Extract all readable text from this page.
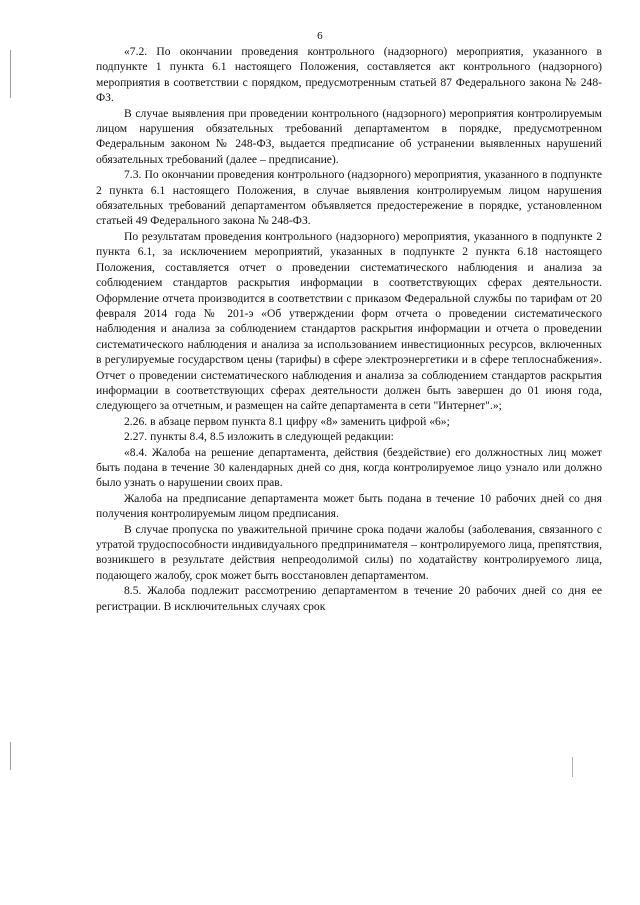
6

«7.2. По окончании проведения контрольного (надзорного) мероприятия, указанного в подпункте 1 пункта 6.1 настоящего Положения, составляется акт контрольного (надзорного) мероприятия в соответствии с порядком, предусмотренным статьей 87 Федерального закона № 248-ФЗ.

В случае выявления при проведении контрольного (надзорного) мероприятия контролируемым лицом нарушения обязательных требований департаментом в порядке, предусмотренном Федеральным законом № 248-ФЗ, выдается предписание об устранении выявленных нарушений обязательных требований (далее – предписание).

7.3. По окончании проведения контрольного (надзорного) мероприятия, указанного в подпункте 2 пункта 6.1 настоящего Положения, в случае выявления контролируемым лицом нарушения обязательных требований департаментом объявляется предостережение в порядке, установленном статьей 49 Федерального закона № 248-ФЗ.

По результатам проведения контрольного (надзорного) мероприятия, указанного в подпункте 2 пункта 6.1, за исключением мероприятий, указанных в подпункте 2 пункта 6.18 настоящего Положения, составляется отчет о проведении систематического наблюдения и анализа за соблюдением стандартов раскрытия информации в соответствующих сферах деятельности. Оформление отчета производится в соответствии с приказом Федеральной службы по тарифам от 20 февраля 2014 года № 201-э «Об утверждении форм отчета о проведении систематического наблюдения и анализа за соблюдением стандартов раскрытия информации и отчета о проведении систематического наблюдения и анализа за использованием инвестиционных ресурсов, включенных в регулируемые государством цены (тарифы) в сфере электроэнергетики и в сфере теплоснабжения». Отчет о проведении систематического наблюдения и анализа за соблюдением стандартов раскрытия информации в соответствующих сферах деятельности должен быть завершен до 01 июня года, следующего за отчетным, и размещен на сайте департамента в сети "Интернет".»;

2.26. в абзаце первом пункта 8.1 цифру «8» заменить цифрой «6»;

2.27. пункты 8.4, 8.5 изложить в следующей редакции:

«8.4. Жалоба на решение департамента, действия (бездействие) его должностных лиц может быть подана в течение 30 календарных дней со дня, когда контролируемое лицо узнало или должно было узнать о нарушении своих прав.

Жалоба на предписание департамента может быть подана в течение 10 рабочих дней со дня получения контролируемым лицом предписания.

В случае пропуска по уважительной причине срока подачи жалобы (заболевания, связанного с утратой трудоспособности индивидуального предпринимателя – контролируемого лица, препятствия, возникшего в результате действия непреодолимой силы) по ходатайству контролируемого лица, подающего жалобу, срок может быть восстановлен департаментом.

8.5. Жалоба подлежит рассмотрению департаментом в течение 20 рабочих дней со дня ее регистрации. В исключительных случаях срок
